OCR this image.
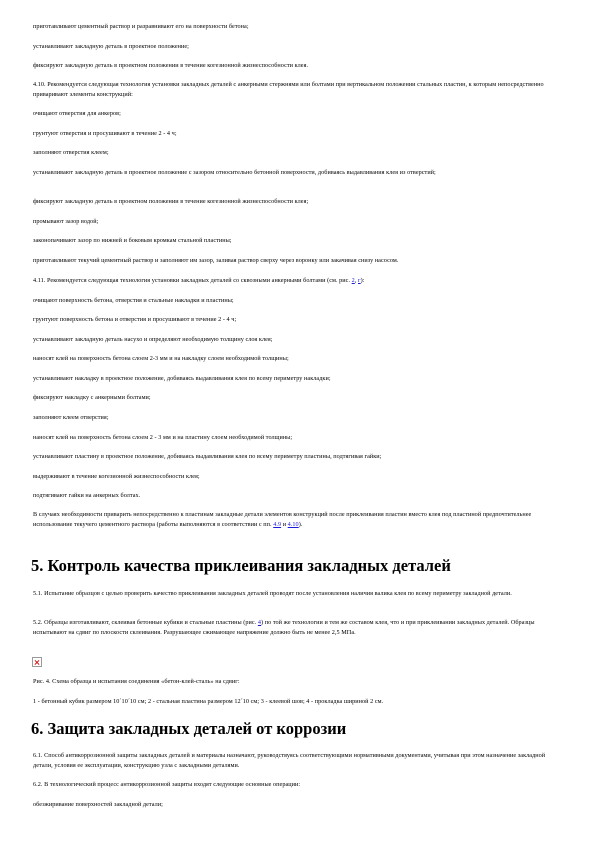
приготавливают цементный раствор и разравнивают его на поверхности бетона;
устанавливают закладную деталь в проектное положение;
фиксируют закладную деталь в проектном положении в течение когезионной жизнеспособности клея.
4.10. Рекомендуется следующая технология установки закладных деталей с анкерными стержнями или болтами при вертикальном положении стальных пластин, к которым непосредственно приваривают элементы конструкций:
очищают отверстия для анкеров;
грунтуют отверстия и просушивают в течение 2 - 4 ч;
заполняют отверстия клеем;
устанавливают закладную деталь в проектное положение с зазором относительно бетонной поверхности, добиваясь выдавливания клея из отверстий;
фиксируют закладную деталь в проектном положении в течение когезионной жизнеспособности клея;
промывают зазор водой;
законопачивают зазор по нижней и боковым кромкам стальной пластины;
приготавливают текучий цементный раствор и заполняют им зазор, заливая раствор сверху через воронку или закачивая снизу насосом.
4.11. Рекомендуется следующая технология установки закладных деталей со сквозными анкерными болтами (см. рис. 2, г):
очищают поверхность бетона, отверстия и стальные накладки и пластины;
грунтуют поверхность бетона и отверстия и просушивают в течение 2 - 4 ч;
устанавливают закладную деталь насухо и определяют необходимую толщину слоя клея;
наносят клей на поверхность бетона слоем 2-3 мм и на накладку слоем необходимой толщины;
устанавливают накладку в проектное положение, добиваясь выдавливания клея по всему периметру накладки;
фиксируют накладку с анкерными болтами;
заполняют клеем отверстия;
наносят клей на поверхность бетона слоем 2 - 3 мм и на пластину слоем необходимой толщины;
устанавливают пластину в проектное положение, добиваясь выдавливания клея по всему периметру пластины, подтягивая гайки;
выдерживают в течение когезионной жизнеспособности клея;
подтягивают гайки на анкерных болтах.
В случаях необходимости приварить непосредственно к пластинам закладные детали элементов конструкций после приклеивания пластин вместо клея под пластиной предпочтительнее использование текучего цементного раствора (работы выполняются в соответствии с пп. 4.9 и 4.10).
5. Контроль качества приклеивания закладных деталей
5.1. Испытание образцов с целью проверить качество приклеивания закладных деталей проводят после установления наличия валика клея по всему периметру закладной детали.
5.2. Образцы изготавливают, склеивая бетонные кубики и стальные пластины (рис. 4) по той же технологии и тем же составом клея, что и при приклеивании закладных деталей. Образцы испытывают на сдвиг по плоскости склеивания. Разрушающее сжимающее напряжение должно быть не менее 2,5 МПа.
Рис. 4. Схема образца и испытания соединения «бетон-клей-сталь» на сдвиг:
1 - бетонный кубик размером 10´10´10 см; 2 - стальная пластина размером 12´10 см; 3 - клеевой шов; 4 - прокладка шириной 2 см.
6. Защита закладных деталей от коррозии
6.1. Способ антикоррозионной защиты закладных деталей и материалы назначают, руководствуясь соответствующими нормативными документами, учитывая при этом назначение закладной детали, условия ее эксплуатации, конструкцию узла с закладными деталями.
6.2. В технологический процесс антикоррозионной защиты входят следующие основные операции:
обезжиривание поверхностей закладной детали;
